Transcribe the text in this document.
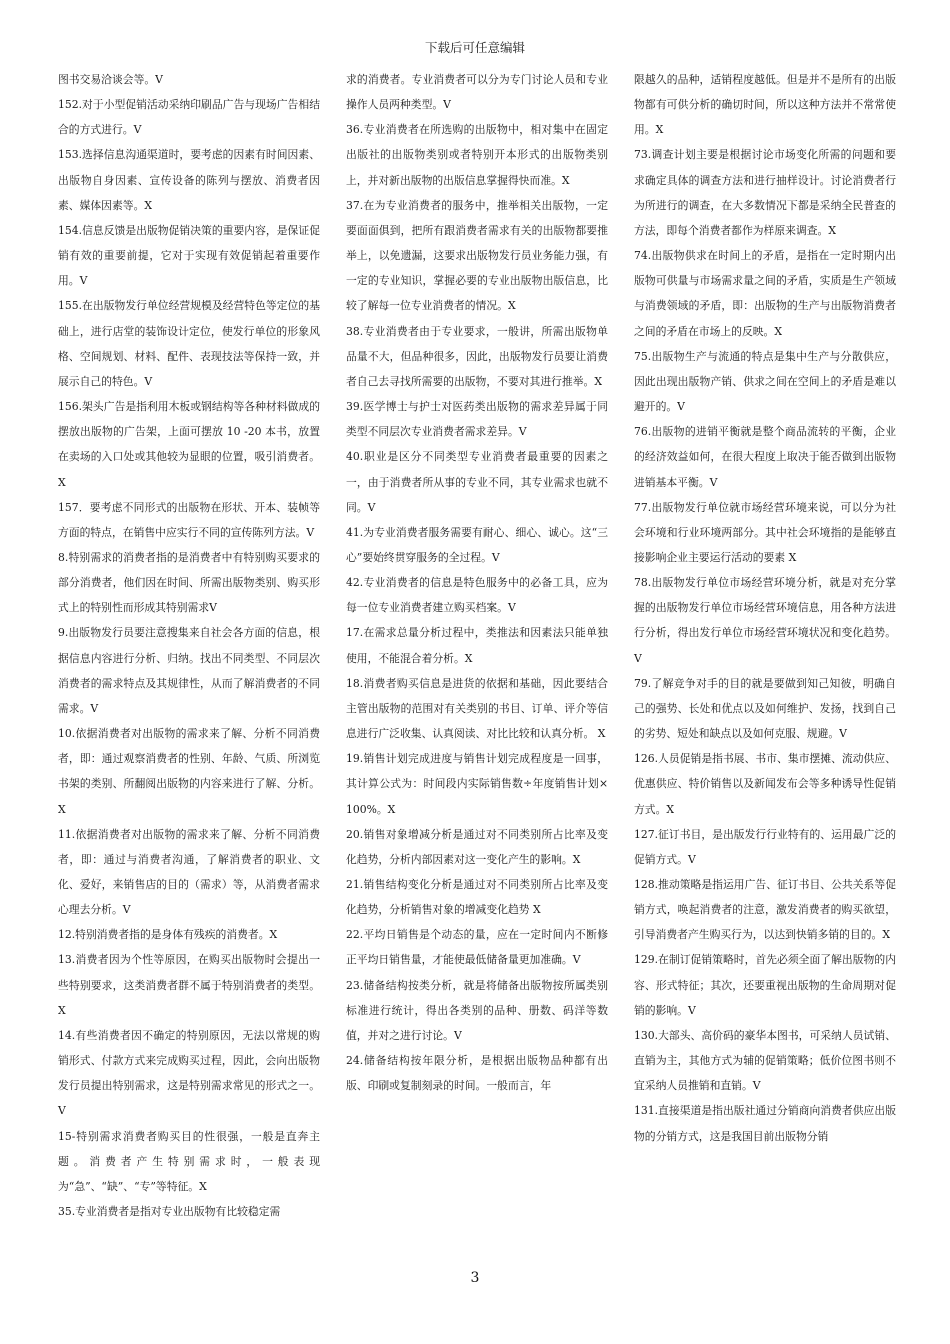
下载后可任意编辑

图书交易洽谈会等。V

152.对于小型促销活动采纳印刷品广告与现场广告相结合的方式进行。V

153.选择信息沟通渠道时，要考虑的因素有时间因素、出版物自身因素、宣传设备的陈列与摆放、消费者因素、媒体因素等。X

154.信息反馈是出版物促销决策的重要内容，是保证促销有效的重要前提，它对于实现有效促销起着重要作用。V

155.在出版物发行单位经营规模及经营特色等定位的基础上，进行店堂的装饰设计定位，使发行单位的形象风格、空间规划、材料、配件、表现技法等保持一致，并展示自己的特色。V

156.架头广告是指利用木板或钢结构等各种材料做成的摆放出版物的广告架，上面可摆放 10 -20 本书，放置在卖场的入口处或其他较为显眼的位置，吸引消费者。X

157．要考虑不同形式的出版物在形状、开本、装帧等方面的特点，在销售中应实行不同的宣传陈列方法。V

8.特别需求的消费者指的是消费者中有特别购买要求的部分消费者，他们因在时间、所需出版物类别、购买形式上的特别性而形成其特别需求V

9.出版物发行员要注意搜集来自社会各方面的信息，根据信息内容进行分析、归纳。找出不同类型、不同层次消费者的需求特点及其规律性，从而了解消费者的不同需求。V

10.依据消费者对出版物的需求来了解、分析不同消费者，即：通过观察消费者的性别、年龄、气质、所浏览书架的类别、所翻阅出版物的内容来进行了解、分析。X

11.依据消费者对出版物的需求来了解、分析不同消费者，即：通过与消费者沟通，了解消费者的职业、文化、爱好，来销售店的目的（需求）等，从消费者需求心理去分析。V

12.特别消费者指的是身体有残疾的消费者。X

13.消费者因为个性等原因，在购买出版物时会提出一些特别要求，这类消费者群不属于特别消费者的类型。X

14.有些消费者因不确定的特别原因，无法以常规的购销形式、付款方式来完成购买过程，因此，会向出版物发行员提出特别需求，这是特别需求常见的形式之一。V

15-特别需求消费者购买目的性很强，一般是直奔主题。消费者产生特别需求时，一般表现为“急”、“缺”、“专”等特征。X

35.专业消费者是指对专业出版物有比较稳定需

求的消费者。专业消费者可以分为专门讨论人员和专业操作人员两种类型。V

36.专业消费者在所选购的出版物中，相对集中在固定出版社的出版物类别或者特别开本形式的出版物类别上，并对新出版物的出版信息掌握得快而准。X

37.在为专业消费者的服务中，推举相关出版物，一定要面面俱到，把所有跟消费者需求有关的出版物都要推举上，以免遗漏，这要求出版物发行员业务能力强，有一定的专业知识，掌握必要的专业出版物出版信息，比较了解每一位专业消费者的情况。X

38.专业消费者由于专业要求，一般讲，所需出版物单品量不大，但品种很多，因此，出版物发行员要让消费者自己去寻找所需要的出版物，不要对其进行推举。X

39.医学博士与护士对医药类出版物的需求差异属于同类型不同层次专业消费者需求差异。V

40.职业是区分不同类型专业消费者最重要的因素之一，由于消费者所从事的专业不同，其专业需求也就不同。V

41.为专业消费者服务需要有耐心、细心、诚心。这“三心”要始终贯穿服务的全过程。V

42.专业消费者的信息是特色服务中的必备工具，应为每一位专业消费者建立购买档案。V

17.在需求总量分析过程中，类推法和因素法只能单独使用，不能混合着分析。X

18.消费者购买信息是进货的依据和基础，因此要结合主管出版物的范围对有关类别的书目、订单、评介等信息进行广泛收集、认真阅读、对比比较和认真分析。 X

19.销售计划完成进度与销售计划完成程度是一回事，其计算公式为：时间段内实际销售数÷年度销售计划×100%。X

20.销售对象增减分析是通过对不同类别所占比率及变化趋势，分析内部因素对这一变化产生的影响。X

21.销售结构变化分析是通过对不同类别所占比率及变化趋势，分析销售对象的增减变化趋势 X

22.平均日销售是个动态的量，应在一定时间内不断修正平均日销售量，才能使最低储备量更加准确。V

23.储备结构按类分析，就是将储备出版物按所属类别标准进行统计，得出各类别的品种、册数、码洋等数值，并对之进行讨论。V

24.储备结构按年限分析，是根据出版物品种都有出版、印刷或复制刻录的时间。一般而言，年

限越久的品种，适销程度越低。但是并不是所有的出版物都有可供分析的确切时间，所以这种方法并不常常使用。X

73.调查计划主要是根据讨论市场变化所需的问题和要求确定具体的调查方法和进行抽样设计。讨论消费者行为所进行的调查，在大多数情况下都是采纳全民普查的方法，即每个消费者都作为样原来调查。X

74.出版物供求在时间上的矛盾，是指在一定时期内出版物可供量与市场需求量之间的矛盾，实质是生产领域与消费领域的矛盾，即：出版物的生产与出版物消费者之间的矛盾在市场上的反映。X

75.出版物生产与流通的特点是集中生产与分散供应，因此出现出版物产销、供求之间在空间上的矛盾是难以避开的。V

76.出版物的进销平衡就是整个商品流转的平衡，企业的经济效益如何，在很大程度上取决于能否做到出版物进销基本平衡。V

77.出版物发行单位就市场经营环境来说，可以分为社会环境和行业环境两部分。其中社会环境指的是能够直接影响企业主要运行活动的要素 X

78.出版物发行单位市场经营环境分析，就是对充分掌握的出版物发行单位市场经营环境信息，用各种方法进行分析，得出发行单位市场经营环境状况和变化趋势。V

79.了解竞争对手的目的就是要做到知己知彼，明确自己的强势、长处和优点以及如何维护、发扬，找到自己的劣势、短处和缺点以及如何克服、规避。V

126.人员促销是指书展、书市、集市摆摊、流动供应、优惠供应、特价销售以及新闻发布会等多种诱导性促销方式。X

127.征订书目，是出版发行行业特有的、运用最广泛的促销方式。V

128.推动策略是指运用广告、征订书目、公共关系等促销方式，唤起消费者的注意，激发消费者的购买欲望，引导消费者产生购买行为，以达到快销多销的目的。X

129.在制订促销策略时，首先必须全面了解出版物的内容、形式特征；其次，还要重视出版物的生命周期对促销的影响。V

130.大部头、高价码的豪华本图书，可采纳人员试销、直销为主，其他方式为辅的促销策略；低价位图书则不宜采纳人员推销和直销。V

131.直接渠道是指出版社通过分销商向消费者供应出版物的分销方式，这是我国目前出版物分销

3
